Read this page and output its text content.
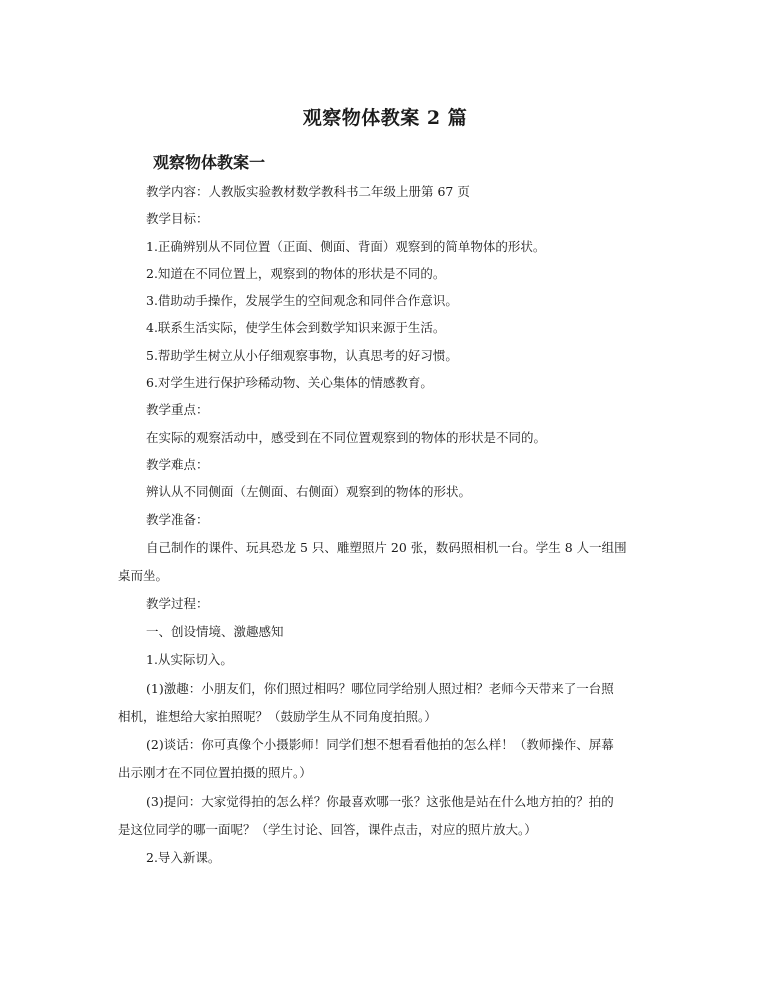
观察物体教案 2 篇
观察物体教案一

教学内容：人教版实验教材数学教科书二年级上册第 67 页

教学目标：

1.正确辨别从不同位置（正面、侧面、背面）观察到的简单物体的形状。

2.知道在不同位置上，观察到的物体的形状是不同的。

3.借助动手操作，发展学生的空间观念和同伴合作意识。

4.联系生活实际，使学生体会到数学知识来源于生活。

5.帮助学生树立从小仔细观察事物，认真思考的好习惯。

6.对学生进行保护珍稀动物、关心集体的情感教育。

教学重点：

在实际的观察活动中，感受到在不同位置观察到的物体的形状是不同的。

教学难点：

辨认从不同侧面（左侧面、右侧面）观察到的物体的形状。

教学准备：

自己制作的课件、玩具恐龙 5 只、雕塑照片 20 张，数码照相机一台。学生 8 人一组围

桌而坐。

教学过程：

一、创设情境、激趣感知

1.从实际切入。

(1)激趣：小朋友们，你们照过相吗？哪位同学给别人照过相？老师今天带来了一台照

相机，谁想给大家拍照呢？（鼓励学生从不同角度拍照。）

(2)谈话：你可真像个小摄影师！同学们想不想看看他拍的怎么样！（教师操作、屏幕

出示刚才在不同位置拍摄的照片。）

(3)提问：大家觉得拍的怎么样？你最喜欢哪一张？这张他是站在什么地方拍的？拍的

是这位同学的哪一面呢？（学生讨论、回答，课件点击，对应的照片放大。）

2.导入新课。
